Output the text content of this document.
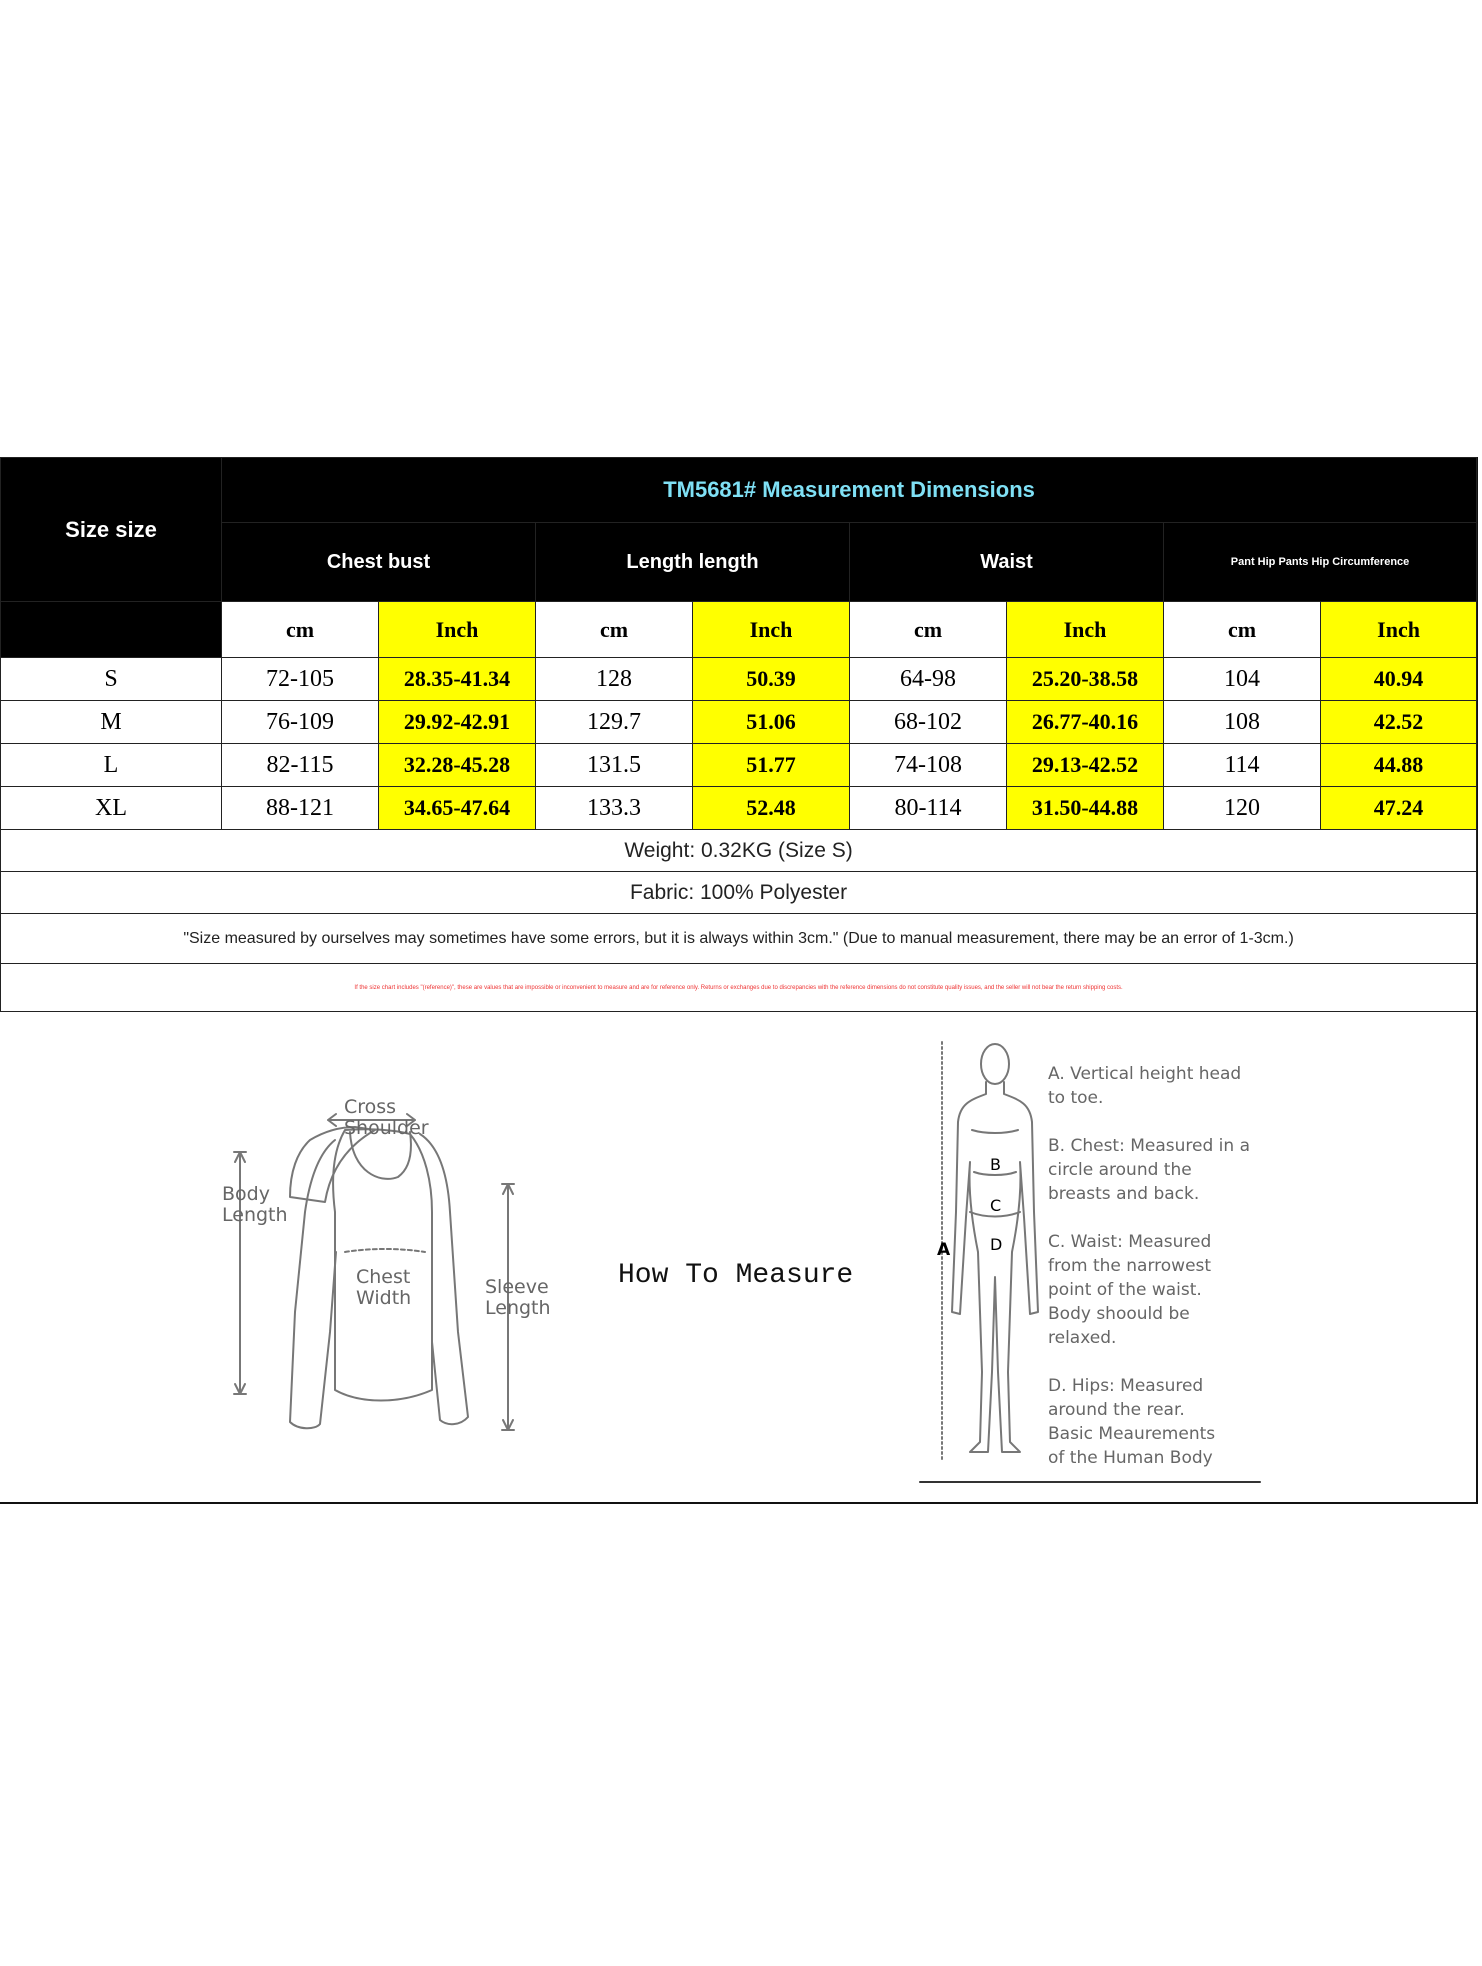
Size size	TM5681# Measurement Dimensions							
	Chest bust		Length length		Waist		Pant Hip Pants Hip Circumference	
	cm	Inch	cm	Inch	cm	Inch	cm	Inch
S	72-105	28.35-41.34	128	50.39	64-98	25.20-38.58	104	40.94
M	76-109	29.92-42.91	129.7	51.06	68-102	26.77-40.16	108	42.52
L	82-115	32.28-45.28	131.5	51.77	74-108	29.13-42.52	114	44.88
XL	88-121	34.65-47.64	133.3	52.48	80-114	31.50-44.88	120	47.24
Weight: 0.32KG (Size S)								
Fabric: 100% Polyester								
"Size measured by ourselves may sometimes have some errors, but it is always within 3cm." (Due to manual measurement, there may be an error of 1-3cm.)								
If the size chart includes "(reference)", these are values that are impossible or inconvenient to measure and are for reference only. Returns or exchanges due to discrepancies with the reference dimensions do not constitute quality issues, and the seller will not bear the return shipping costs.								
Cross
Shoulder
Body
Length
Chest
Width	Sleeve
Length
How To Measure
A
B
C
D

A. Vertical height head
to toe.

B. Chest: Measured in a
circle around the
breasts and back.

C. Waist: Measured
from the narrowest
point of the waist.
Body shoould be
relaxed.

D. Hips: Measured
around the rear.
Basic Meaurements
of the Human Body
